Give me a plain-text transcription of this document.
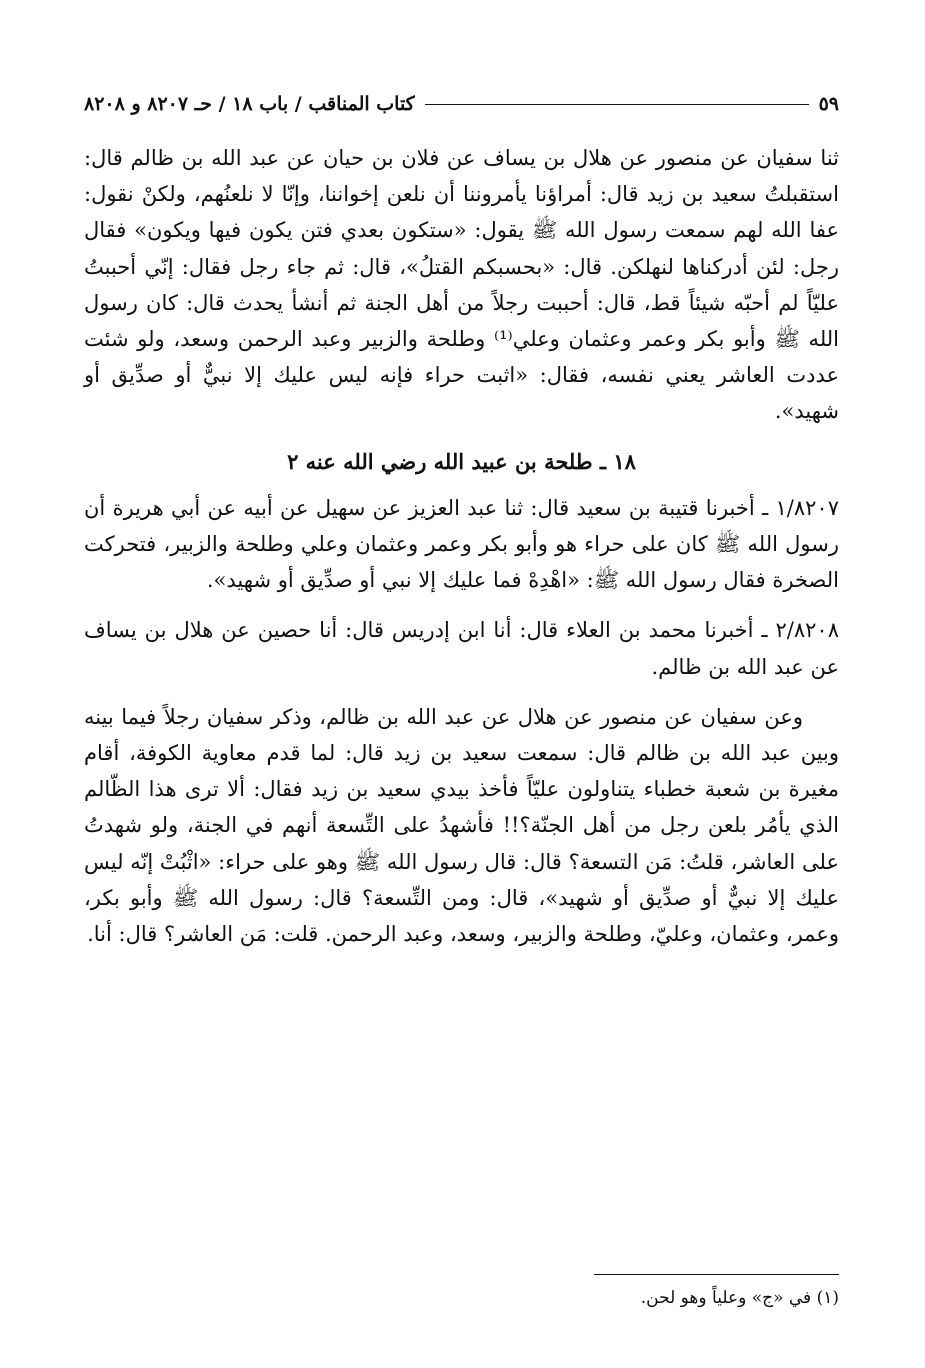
كتاب المناقب / باب ١٨ / حـ ٨٢٠٧ و ٨٢٠٨	٥٩

ثنا سفيان عن منصور عن هلال بن يساف عن فلان بن حيان عن عبد الله بن ظالم قال: استقبلتُ سعيد بن زيد قال: أمراؤنا يأمروننا أن نلعن إخواننا، وإنّا لا نلعنُهم، ولكنْ نقول: عفا الله لهم سمعت رسول الله ﷺ يقول: «ستكون بعدي فتن يكون فيها ويكون» فقال رجل: لئن أدركناها لنهلكن. قال: «بحسبكم القتلُ»، قال: ثم جاء رجل فقال: إنّي أحببتُ عليّاً لم أحبّه شيئاً قط، قال: أحببت رجلاً من أهل الجنة ثم أنشأ يحدث قال: كان رسول الله ﷺ وأبو بكر وعمر وعثمان وعلي⁽¹⁾ وطلحة والزبير وعبد الرحمن وسعد، ولو شئت عددت العاشر يعني نفسه، فقال: «اثبت حراء فإنه ليس عليك إلا نبيٌّ أو صدِّيق أو شهيد».

١٨ ـ طلحة بن عبيد الله رضي الله عنه ٢

١/٨٢٠٧ ـ أخبرنا قتيبة بن سعيد قال: ثنا عبد العزيز عن سهيل عن أبيه عن أبي هريرة أن رسول الله ﷺ كان على حراء هو وأبو بكر وعمر وعثمان وعلي وطلحة والزبير، فتحركت الصخرة فقال رسول الله ﷺ: «اهْدِهْ فما عليك إلا نبي أو صدِّيق أو شهيد».

٢/٨٢٠٨ ـ أخبرنا محمد بن العلاء قال: أنا ابن إدريس قال: أنا حصين عن هلال بن يساف عن عبد الله بن ظالم.

وعن سفيان عن منصور عن هلال عن عبد الله بن ظالم، وذكر سفيان رجلاً فيما بينه وبين عبد الله بن ظالم قال: سمعت سعيد بن زيد قال: لما قدم معاوية الكوفة، أقام مغيرة بن شعبة خطباء يتناولون عليّاً فأخذ بيدي سعيد بن زيد فقال: ألا ترى هذا الظّالم الذي يأمُر بلعن رجل من أهل الجنّة؟!! فأشهدُ على التِّسعة أنهم في الجنة، ولو شهدتُ على العاشر، قلتُ: مَن التسعة؟ قال: قال رسول الله ﷺ وهو على حراء: «اثْبُتْ إنّه ليس عليك إلا نبيٌّ أو صدِّيق أو شهيد»، قال: ومن التِّسعة؟ قال: رسول الله ﷺ وأبو بكر، وعمر، وعثمان، وعليّ، وطلحة والزبير، وسعد، وعبد الرحمن. قلت: مَن العاشر؟ قال: أنا.

(١) في «ج» وعلياً وهو لحن.
